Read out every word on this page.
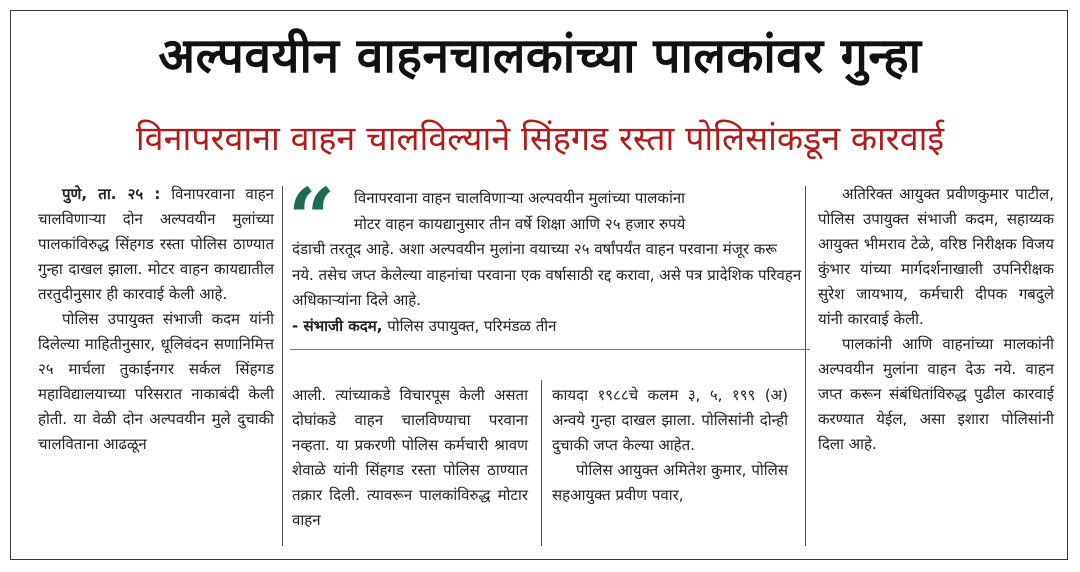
अल्पवयीन वाहनचालकांच्या पालकांवर गुन्हा
विनापरवाना वाहन चालविल्याने सिंहगड रस्ता पोलिसांकडून कारवाई

पुणे, ता. २५ : विनापरवाना वाहन चालविणाऱ्या दोन अल्पवयीन मुलांच्या पालकांविरुद्ध सिंहगड रस्ता पोलिस ठाण्यात गुन्हा दाखल झाला. मोटर वाहन कायद्यातील तरतुदीनुसार ही कारवाई केली आहे.

पोलिस उपायुक्त संभाजी कदम यांनी दिलेल्या माहितीनुसार, धूलिवंदन सणानिमित्त २५ मार्चला तुकाईनगर सर्कल सिंहगड महाविद्यालयाच्या परिसरात नाकाबंदी केली होती. या वेळी दोन अल्पवयीन मुले दुचाकी चालविताना आढळून

“	विनापरवाना वाहन चालविणाऱ्या अल्पवयीन मुलांच्या पालकांना

मोटर वाहन कायद्यानुसार तीन वर्षे शिक्षा आणि २५ हजार रुपये

दंडाची तरतूद आहे. अशा अल्पवयीन मुलांना वयाच्या २५ वर्षांपर्यंत वाहन परवाना मंजूर करू नये. तसेच जप्त केलेल्या वाहनांचा परवाना एक वर्षासाठी रद्द करावा, असे पत्र प्रादेशिक परिवहन अधिकाऱ्यांना दिले आहे.

- संभाजी कदम, पोलिस उपायुक्त, परिमंडळ तीन

आली. त्यांच्याकडे विचारपूस केली असता दोघांकडे वाहन चालविण्याचा परवाना नव्हता. या प्रकरणी पोलिस कर्मचारी श्रावण शेवाळे यांनी सिंहगड रस्ता पोलिस ठाण्यात तक्रार दिली. त्यावरून पालकांविरुद्ध मोटार वाहन

कायदा १९८८चे कलम ३, ५, १९९ (अ) अन्वये गुन्हा दाखल झाला. पोलिसांनी दोन्ही दुचाकी जप्त केल्या आहेत.

पोलिस आयुक्त अमितेश कुमार, पोलिस सहआयुक्त प्रवीण पवार,

अतिरिक्त आयुक्त प्रवीणकुमार पाटील, पोलिस उपायुक्त संभाजी कदम, सहाय्यक आयुक्त भीमराव टेळे, वरिष्ठ निरीक्षक विजय कुंभार यांच्या मार्गदर्शनाखाली उपनिरीक्षक सुरेश जायभाय, कर्मचारी दीपक गबदुले यांनी कारवाई केली.

पालकांनी आणि वाहनांच्या मालकांनी अल्पवयीन मुलांना वाहन देऊ नये. वाहन जप्त करून संबंधितांविरुद्ध पुढील कारवाई करण्यात येईल, असा इशारा पोलिसांनी दिला आहे.
